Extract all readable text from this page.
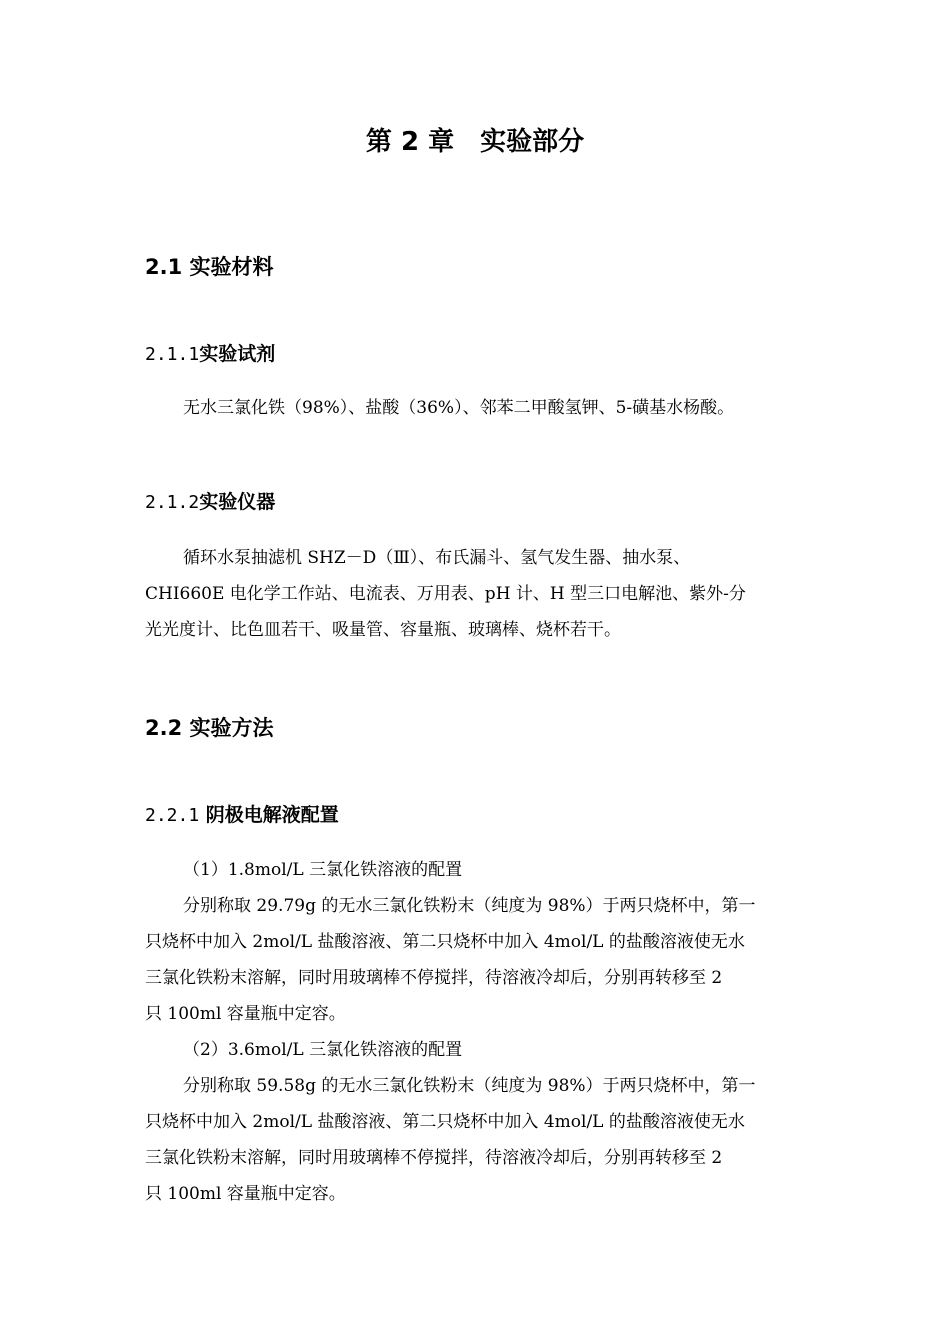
第 2 章 实验部分
2.1 实验材料
2.1.1实验试剂

无水三氯化铁（98%）、盐酸（36%）、邻苯二甲酸氢钾、5-磺基水杨酸。

2.1.2实验仪器

循环水泵抽滤机 SHZ－D（Ⅲ）、布氏漏斗、氢气发生器、抽水泵、
CHI660E 电化学工作站、电流表、万用表、pH 计、H 型三口电解池、紫外-分
光光度计、比色皿若干、吸量管、容量瓶、玻璃棒、烧杯若干。

2.2 实验方法
2.2.1 阴极电解液配置

（1）1.8mol/L 三氯化铁溶液的配置
分别称取 29.79g 的无水三氯化铁粉末（纯度为 98%）于两只烧杯中，第一
只烧杯中加入 2mol/L 盐酸溶液、第二只烧杯中加入 4mol/L 的盐酸溶液使无水
三氯化铁粉末溶解，同时用玻璃棒不停搅拌，待溶液冷却后，分别再转移至 2
只 100ml 容量瓶中定容。
（2）3.6mol/L 三氯化铁溶液的配置
分别称取 59.58g 的无水三氯化铁粉末（纯度为 98%）于两只烧杯中，第一
只烧杯中加入 2mol/L 盐酸溶液、第二只烧杯中加入 4mol/L 的盐酸溶液使无水
三氯化铁粉末溶解，同时用玻璃棒不停搅拌，待溶液冷却后，分别再转移至 2
只 100ml 容量瓶中定容。
